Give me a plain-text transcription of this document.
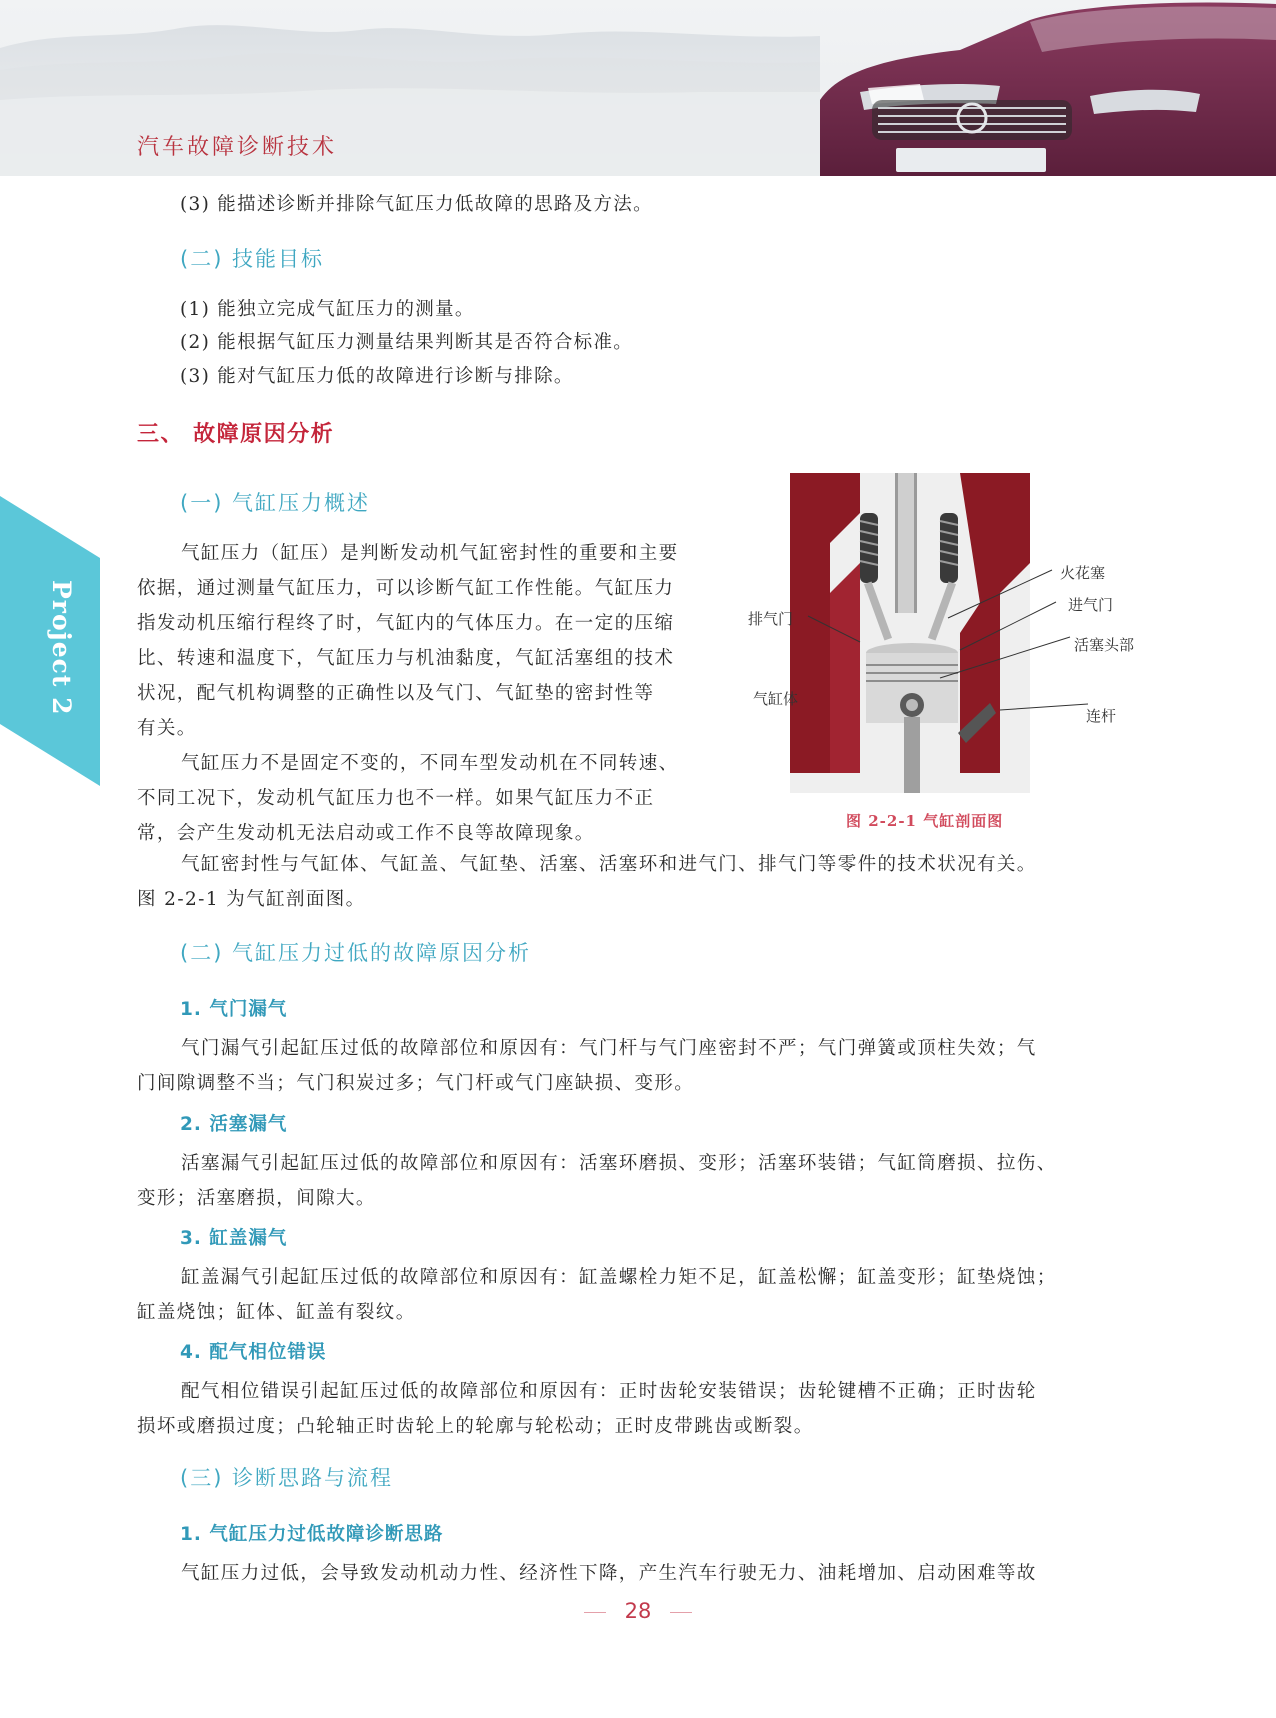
汽车故障诊断技术
Project 2
(3) 能描述诊断并排除气缸压力低故障的思路及方法。
(二) 技能目标
(1) 能独立完成气缸压力的测量。
(2) 能根据气缸压力测量结果判断其是否符合标准。
(3) 能对气缸压力低的故障进行诊断与排除。
三、 故障原因分析
(一) 气缸压力概述
气缸压力（缸压）是判断发动机气缸密封性的重要和主要
依据，通过测量气缸压力，可以诊断气缸工作性能。气缸压力
指发动机压缩行程终了时，气缸内的气体压力。在一定的压缩
比、转速和温度下，气缸压力与机油黏度，气缸活塞组的技术
状况，配气机构调整的正确性以及气门、气缸垫的密封性等
有关。
气缸压力不是固定不变的，不同车型发动机在不同转速、
不同工况下，发动机气缸压力也不一样。如果气缸压力不正
常，会产生发动机无法启动或工作不良等故障现象。
火花塞
进气门
排气门
活塞头部
气缸体
连杆
图 2-2-1 气缸剖面图
气缸密封性与气缸体、气缸盖、气缸垫、活塞、活塞环和进气门、排气门等零件的技术状况有关。
图 2-2-1 为气缸剖面图。
(二) 气缸压力过低的故障原因分析
1. 气门漏气
气门漏气引起缸压过低的故障部位和原因有：气门杆与气门座密封不严；气门弹簧或顶柱失效；气
门间隙调整不当；气门积炭过多；气门杆或气门座缺损、变形。
2. 活塞漏气
活塞漏气引起缸压过低的故障部位和原因有：活塞环磨损、变形；活塞环装错；气缸筒磨损、拉伤、
变形；活塞磨损，间隙大。
3. 缸盖漏气
缸盖漏气引起缸压过低的故障部位和原因有：缸盖螺栓力矩不足，缸盖松懈；缸盖变形；缸垫烧蚀；
缸盖烧蚀；缸体、缸盖有裂纹。
4. 配气相位错误
配气相位错误引起缸压过低的故障部位和原因有：正时齿轮安装错误；齿轮键槽不正确；正时齿轮
损坏或磨损过度；凸轮轴正时齿轮上的轮廓与轮松动；正时皮带跳齿或断裂。
(三) 诊断思路与流程
1. 气缸压力过低故障诊断思路
气缸压力过低，会导致发动机动力性、经济性下降，产生汽车行驶无力、油耗增加、启动困难等故
28
